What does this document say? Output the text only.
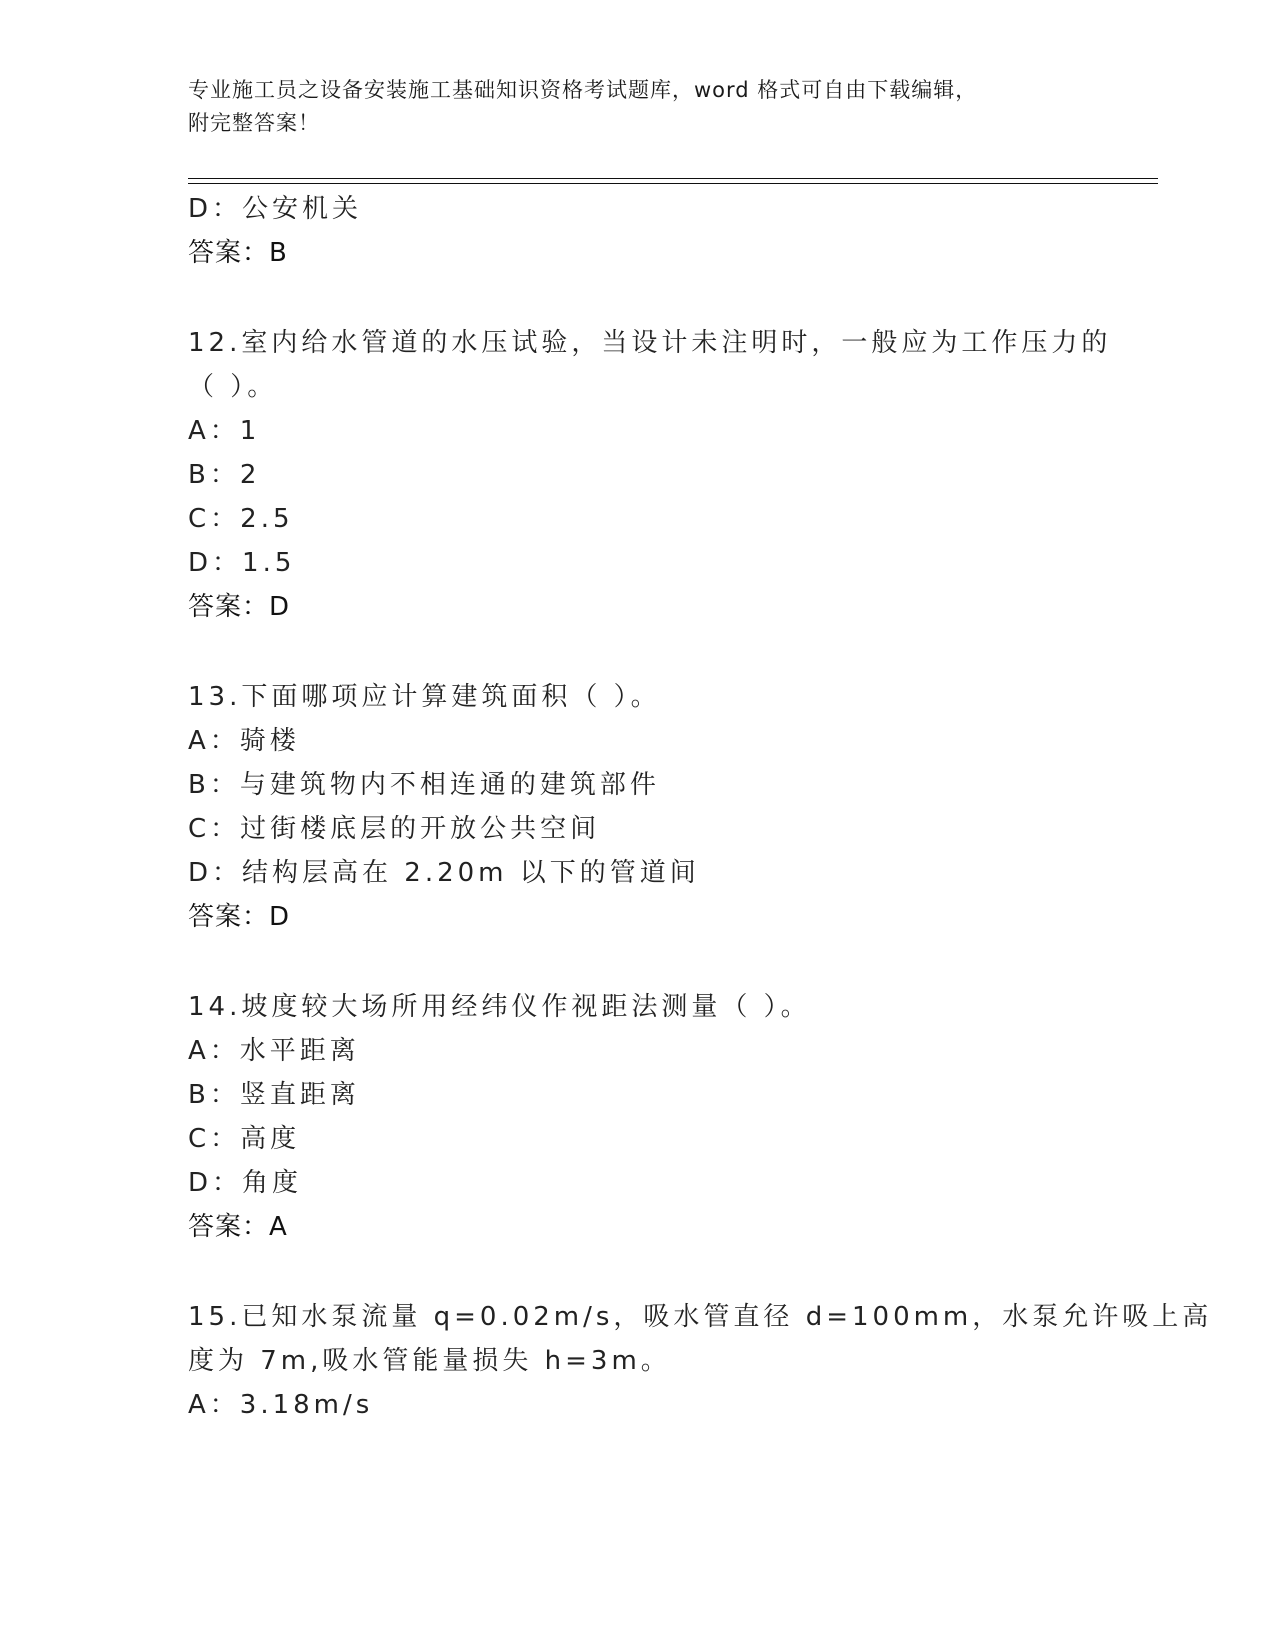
专业施工员之设备安装施工基础知识资格考试题库，word 格式可自由下载编辑，
附完整答案！
D：公安机关
答案：B
12.室内给水管道的水压试验，当设计未注明时，一般应为工作压力的
（ ）。
A：1
B：2
C：2.5
D：1.5
答案：D
13.下面哪项应计算建筑面积（ ）。
A：骑楼
B：与建筑物内不相连通的建筑部件
C：过街楼底层的开放公共空间
D：结构层高在 2.20m 以下的管道间
答案：D
14.坡度较大场所用经纬仪作视距法测量（ ）。
A：水平距离
B：竖直距离
C：高度
D：角度
答案：A
15.已知水泵流量 q=0.02m/s，吸水管直径 d=100mm，水泵允许吸上高
度为 7m,吸水管能量损失 h=3m。
A：3.18m/s
